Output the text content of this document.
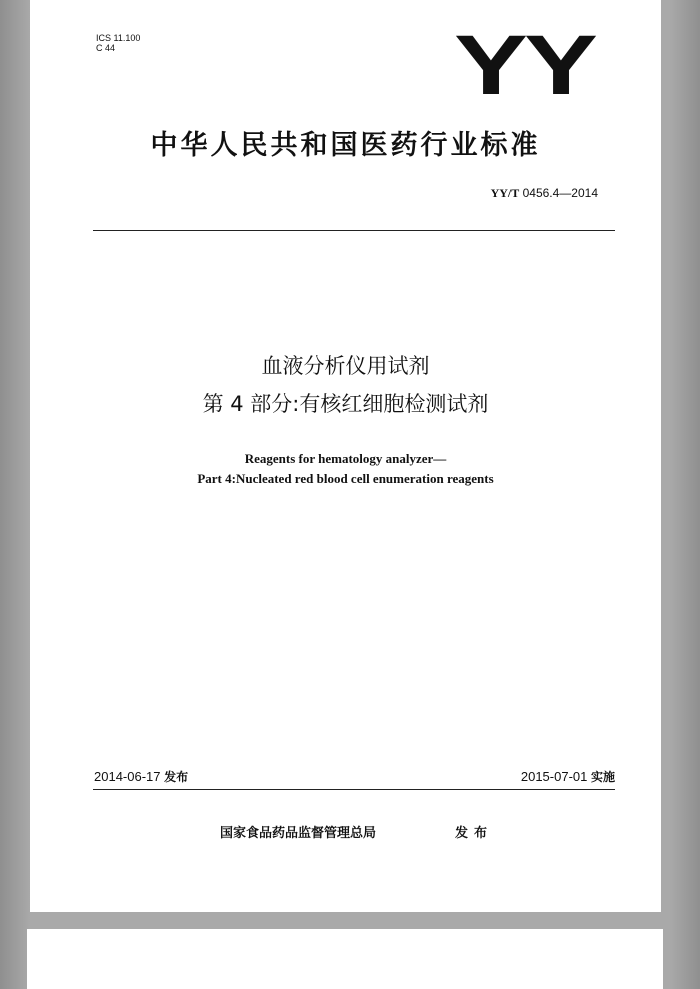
ICS 11.100
C 44	YY
中华人民共和国医药行业标准
YY/T 0456.4—2014
血液分析仪用试剂
第 4 部分:有核红细胞检测试剂
Reagents for hematology analyzer—
Part 4:Nucleated red blood cell enumeration reagents
2014-06-17 发布	2015-07-01 实施
国家食品药品监督管理总局	发布
